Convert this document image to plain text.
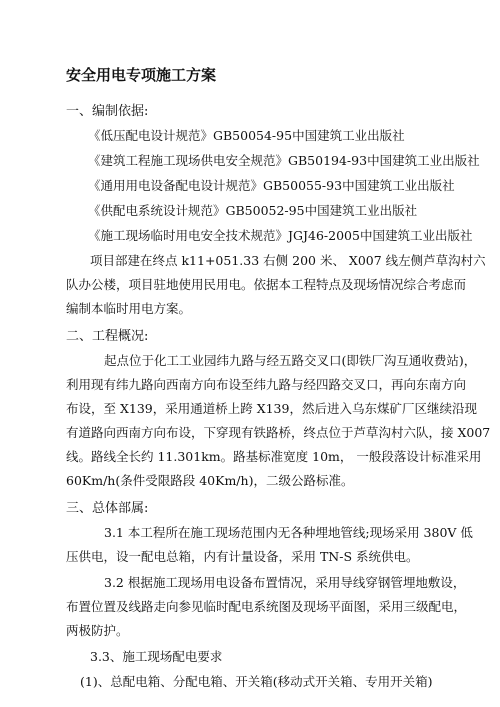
安全用电专项施工方案

一、编制依据:

《低压配电设计规范》GB50054-95中国建筑工业出版社

《建筑工程施工现场供电安全规范》GB50194-93中国建筑工业出版社

《通用用电设备配电设计规范》GB50055-93中国建筑工业出版社

《供配电系统设计规范》GB50052-95中国建筑工业出版社

《施工现场临时用电安全技术规范》JGJ46-2005中国建筑工业出版社

项目部建在终点 k11+051.33 右侧 200 米、 X007 线左侧芦草沟村六

队办公楼，项目驻地使用民用电。依据本工程特点及现场情况综合考虑而

编制本临时用电方案。

二、工程概况:

起点位于化工工业园纬九路与经五路交叉口(即铁厂沟互通收费站)，

利用现有纬九路向西南方向布设至纬九路与经四路交叉口，再向东南方向

布设，至 X139，采用通道桥上跨 X139，然后进入乌东煤矿厂区继续沿现

有道路向西南方向布设，下穿现有铁路桥，终点位于芦草沟村六队，接 X007

线。路线全长约 11.301km。路基标准宽度 10m， 一般段落设计标准采用

60Km/h(条件受限路段 40Km/h)，二级公路标准。

三、总体部属:

3.1 本工程所在施工现场范围内无各种埋地管线;现场采用 380V 低

压供电，设一配电总箱，内有计量设备，采用 TN-S 系统供电。

3.2 根据施工现场用电设备布置情况，采用导线穿钢管埋地敷设，

布置位置及线路走向参见临时配电系统图及现场平面图，采用三级配电，

两极防护。

3.3、施工现场配电要求

(1)、总配电箱、分配电箱、开关箱(移动式开关箱、专用开关箱)
